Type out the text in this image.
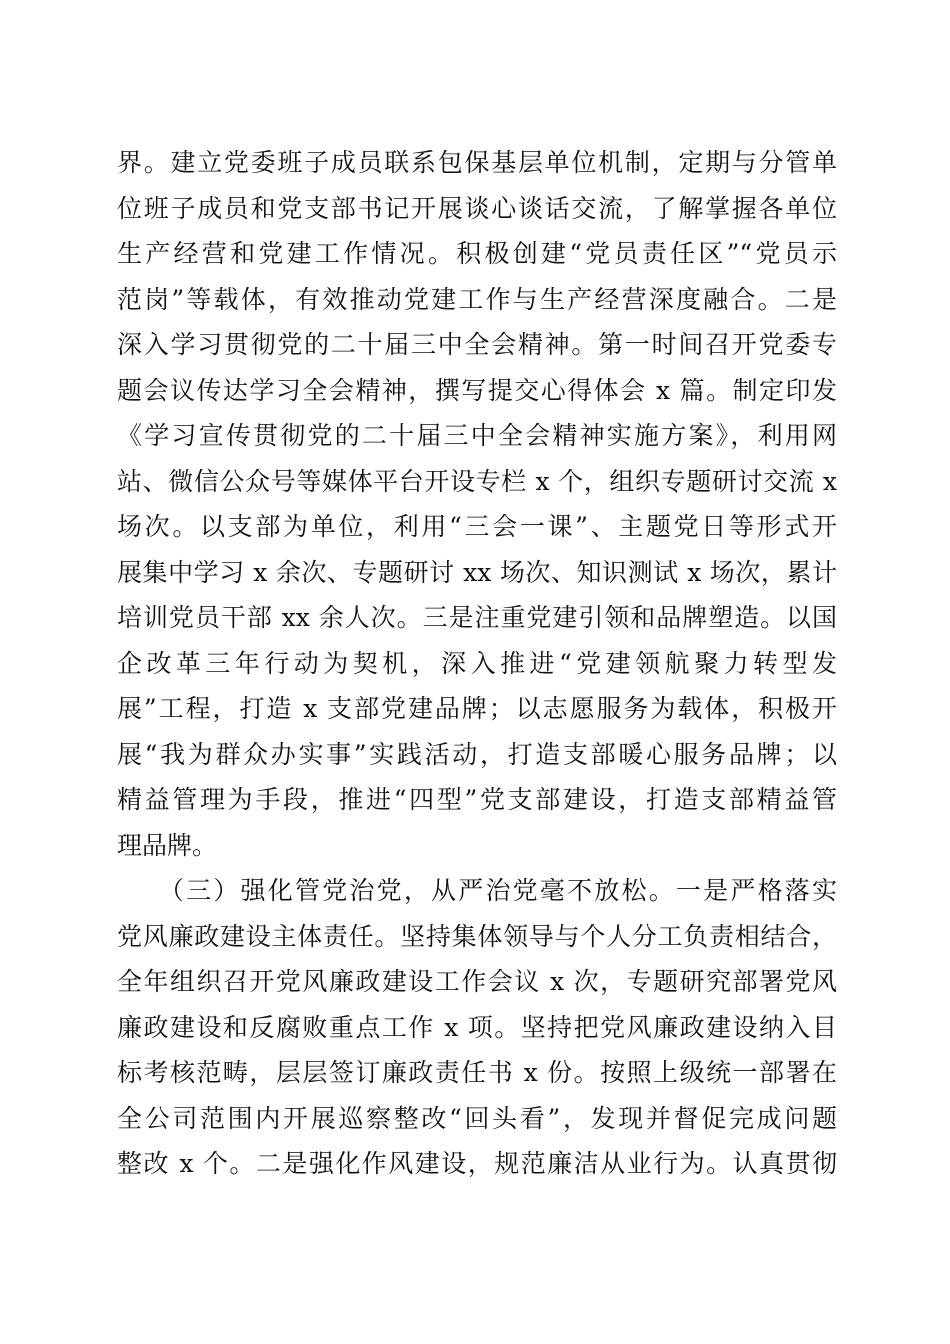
界。建立党委班子成员联系包保基层单位机制，定期与分管单
位班子成员和党支部书记开展谈心谈话交流，了解掌握各单位
生产经营和党建工作情况。积极创建“党员责任区”“党员示
范岗”等载体，有效推动党建工作与生产经营深度融合。二是
深入学习贯彻党的二十届三中全会精神。第一时间召开党委专
题会议传达学习全会精神，撰写提交心得体会 x 篇。制定印发
《学习宣传贯彻党的二十届三中全会精神实施方案》，利用网
站、微信公众号等媒体平台开设专栏 x 个，组织专题研讨交流 x
场次。以支部为单位，利用“三会一课”、主题党日等形式开
展集中学习 x 余次、专题研讨 xx 场次、知识测试 x 场次，累计
培训党员干部 xx 余人次。三是注重党建引领和品牌塑造。以国
企改革三年行动为契机，深入推进“党建领航聚力转型发
展”工程，打造 x 支部党建品牌；以志愿服务为载体，积极开
展“我为群众办实事”实践活动，打造支部暖心服务品牌；以
精益管理为手段，推进“四型”党支部建设，打造支部精益管
理品牌。
　　（三）强化管党治党，从严治党毫不放松。一是严格落实
党风廉政建设主体责任。坚持集体领导与个人分工负责相结合，
全年组织召开党风廉政建设工作会议 x 次，专题研究部署党风
廉政建设和反腐败重点工作 x 项。坚持把党风廉政建设纳入目
标考核范畴，层层签订廉政责任书 x 份。按照上级统一部署在
全公司范围内开展巡察整改“回头看”，发现并督促完成问题
整改 x 个。二是强化作风建设，规范廉洁从业行为。认真贯彻
